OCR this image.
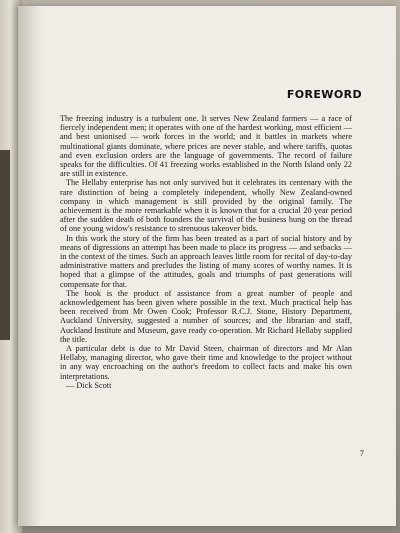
FOREWORD

The freezing industry is a turbulent one. It serves New Zealand farmers — a race of fiercely independent men; it operates with one of the hardest working, most efficient — and best unionised — work forces in the world; and it battles in markets where multinational giants dominate, where prices are never stable, and where tariffs, quotas and even exclusion orders are the language of governments. The record of failure speaks for the difficulties. Of 41 freezing works established in the North Island only 22 are still in existence.

The Hellaby enterprise has not only survived but it celebrates its centenary with the rare distinction of being a completely independent, wholly New Zealand-owned company in which management is still provided by the original family. The achievement is the more remarkable when it is known that for a crucial 20 year period after the sudden death of both founders the survival of the business hung on the thread of one young widow's resistance to strenuous takeover bids.

In this work the story of the firm has been treated as a part of social history and by means of digressions an attempt has been made to place its progress — and setbacks — in the context of the times. Such an approach leaves little room for recital of day-to-day administrative matters and precludes the listing of many scores of worthy names. It is hoped that a glimpse of the attitudes, goals and triumphs of past generations will compensate for that.

The book is the product of assistance from a great number of people and acknowledgement has been given where possible in the text. Much practical help has been received from Mr Owen Cook; Professor R.C.J. Stone, History Department, Auckland University, suggested a number of sources; and the librarian and staff, Auckland Institute and Museum, gave ready co-operation. Mr Richard Hellaby supplied the title.

A particular debt is due to Mr David Steen, chairman of directors and Mr Alan Hellaby, managing director, who gave their time and knowledge to the project without in any way encroaching on the author's freedom to collect facts and make his own interpretations.

— Dick Scott

7
